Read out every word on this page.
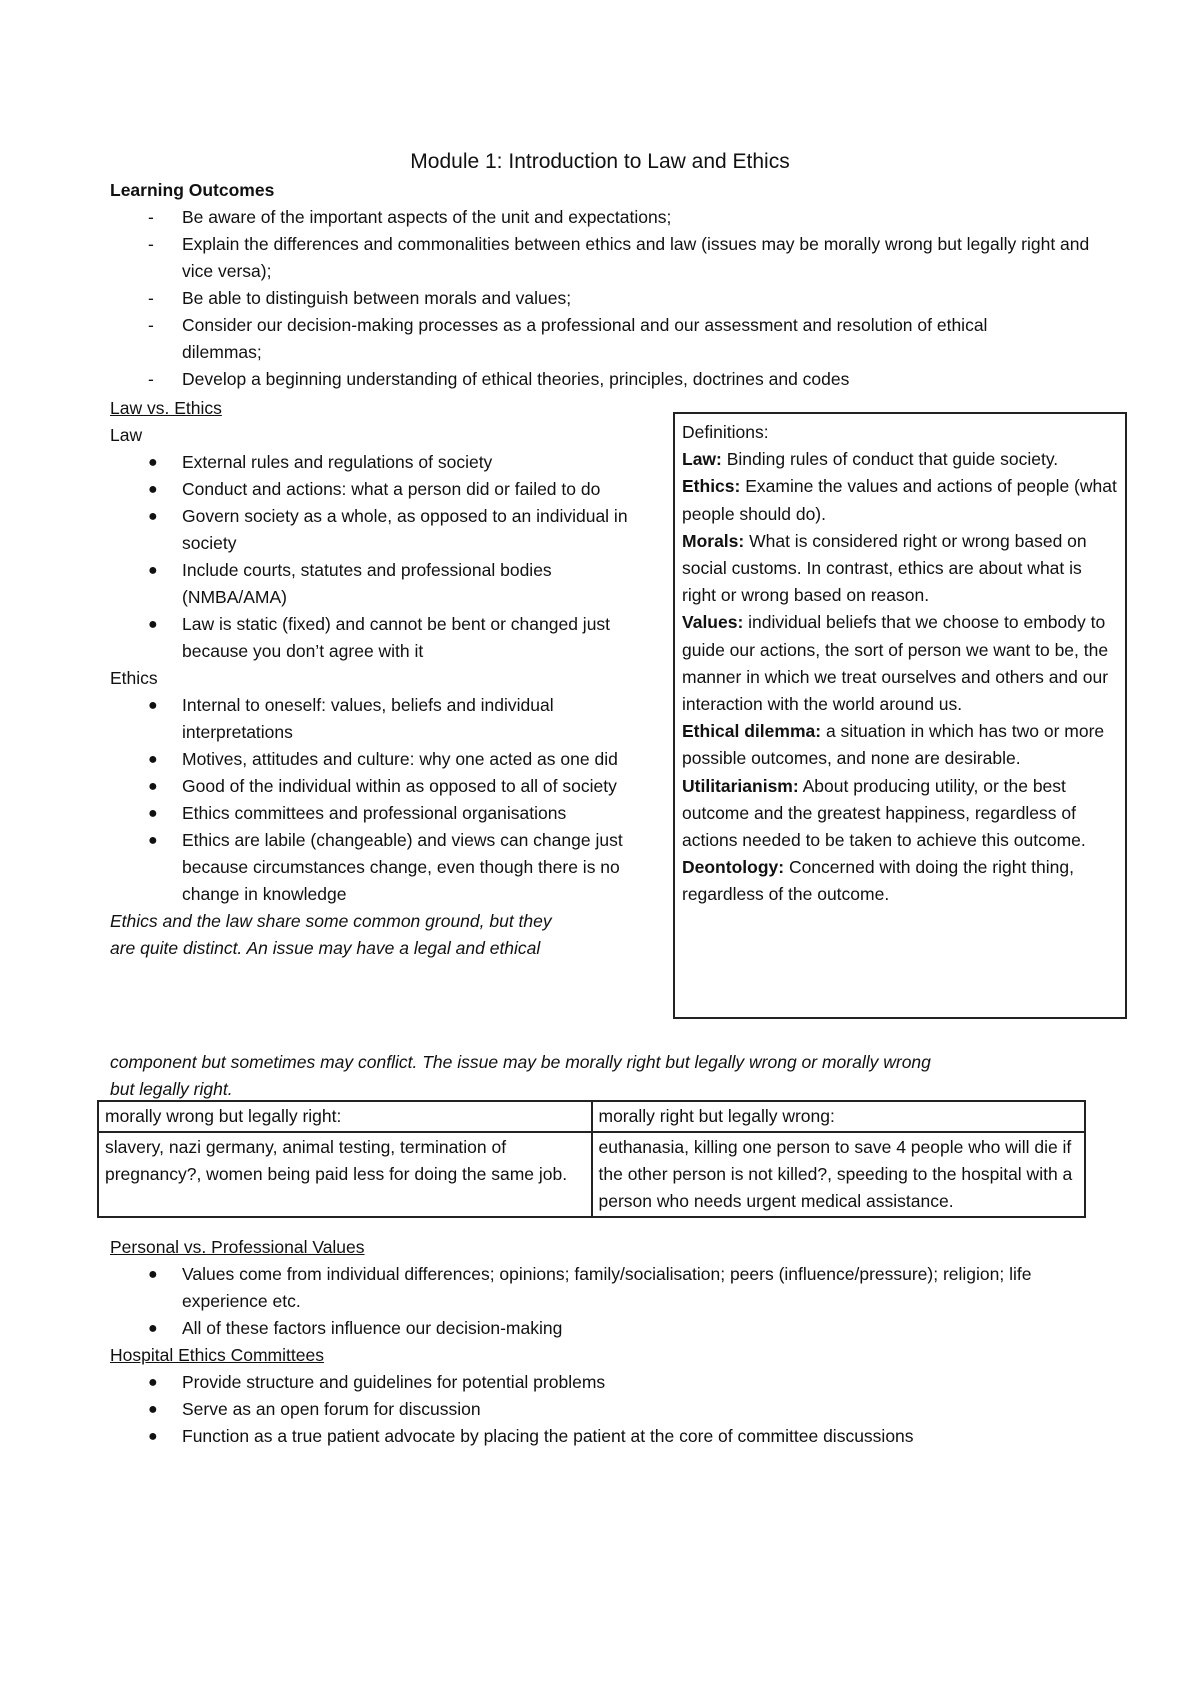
Module 1: Introduction to Law and Ethics
Learning Outcomes
-	Be aware of the important aspects of the unit and expectations;
-	Explain the differences and commonalities between ethics and law (issues may be morally wrong but legally right and vice versa);
-	Be able to distinguish between morals and values;
-	Consider our decision-making processes as a professional and our assessment and resolution of ethical dilemmas;
-	Develop a beginning understanding of ethical theories, principles, doctrines and codes
Law vs. Ethics
Law
●	External rules and regulations of society
●	Conduct and actions: what a person did or failed to do
●	Govern society as a whole, as opposed to an individual in society
●	Include courts, statutes and professional bodies (NMBA/AMA)
●	Law is static (fixed) and cannot be bent or changed just because you don’t agree with it
Ethics
●	Internal to oneself: values, beliefs and individual interpretations
●	Motives, attitudes and culture: why one acted as one did
●	Good of the individual within as opposed to all of society
●	Ethics committees and professional organisations
●	Ethics are labile (changeable) and views can change just because circumstances change, even though there is no change in knowledge
Ethics and the law share some common ground, but they
are quite distinct. An issue may have a legal and ethical
component but sometimes may conflict. The issue may be morally right but legally wrong or morally wrong
but legally right.

Definitions:

Law: Binding rules of conduct that guide society.

Ethics: Examine the values and actions of people (what people should do).

Morals: What is considered right or wrong based on social customs. In contrast, ethics are about what is right or wrong based on reason.

Values: individual beliefs that we choose to embody to guide our actions, the sort of person we want to be, the manner in which we treat ourselves and others and our interaction with the world around us.

Ethical dilemma: a situation in which has two or more possible outcomes, and none are desirable.

Utilitarianism: About producing utility, or the best outcome and the greatest happiness, regardless of actions needed to be taken to achieve this outcome.

Deontology: Concerned with doing the right thing, regardless of the outcome.

morally wrong but legally right:	morally right but legally wrong:
slavery, nazi germany, animal testing, termination of pregnancy?, women being paid less for doing the same job.	euthanasia, killing one person to save 4 people who will die if the other person is not killed?, speeding to the hospital with a person who needs urgent medical assistance.
Personal vs. Professional Values
●	Values come from individual differences; opinions; family/socialisation; peers (influence/pressure); religion; life experience etc.
●	All of these factors influence our decision-making
Hospital Ethics Committees
●	Provide structure and guidelines for potential problems
●	Serve as an open forum for discussion
●	Function as a true patient advocate by placing the patient at the core of committee discussions
